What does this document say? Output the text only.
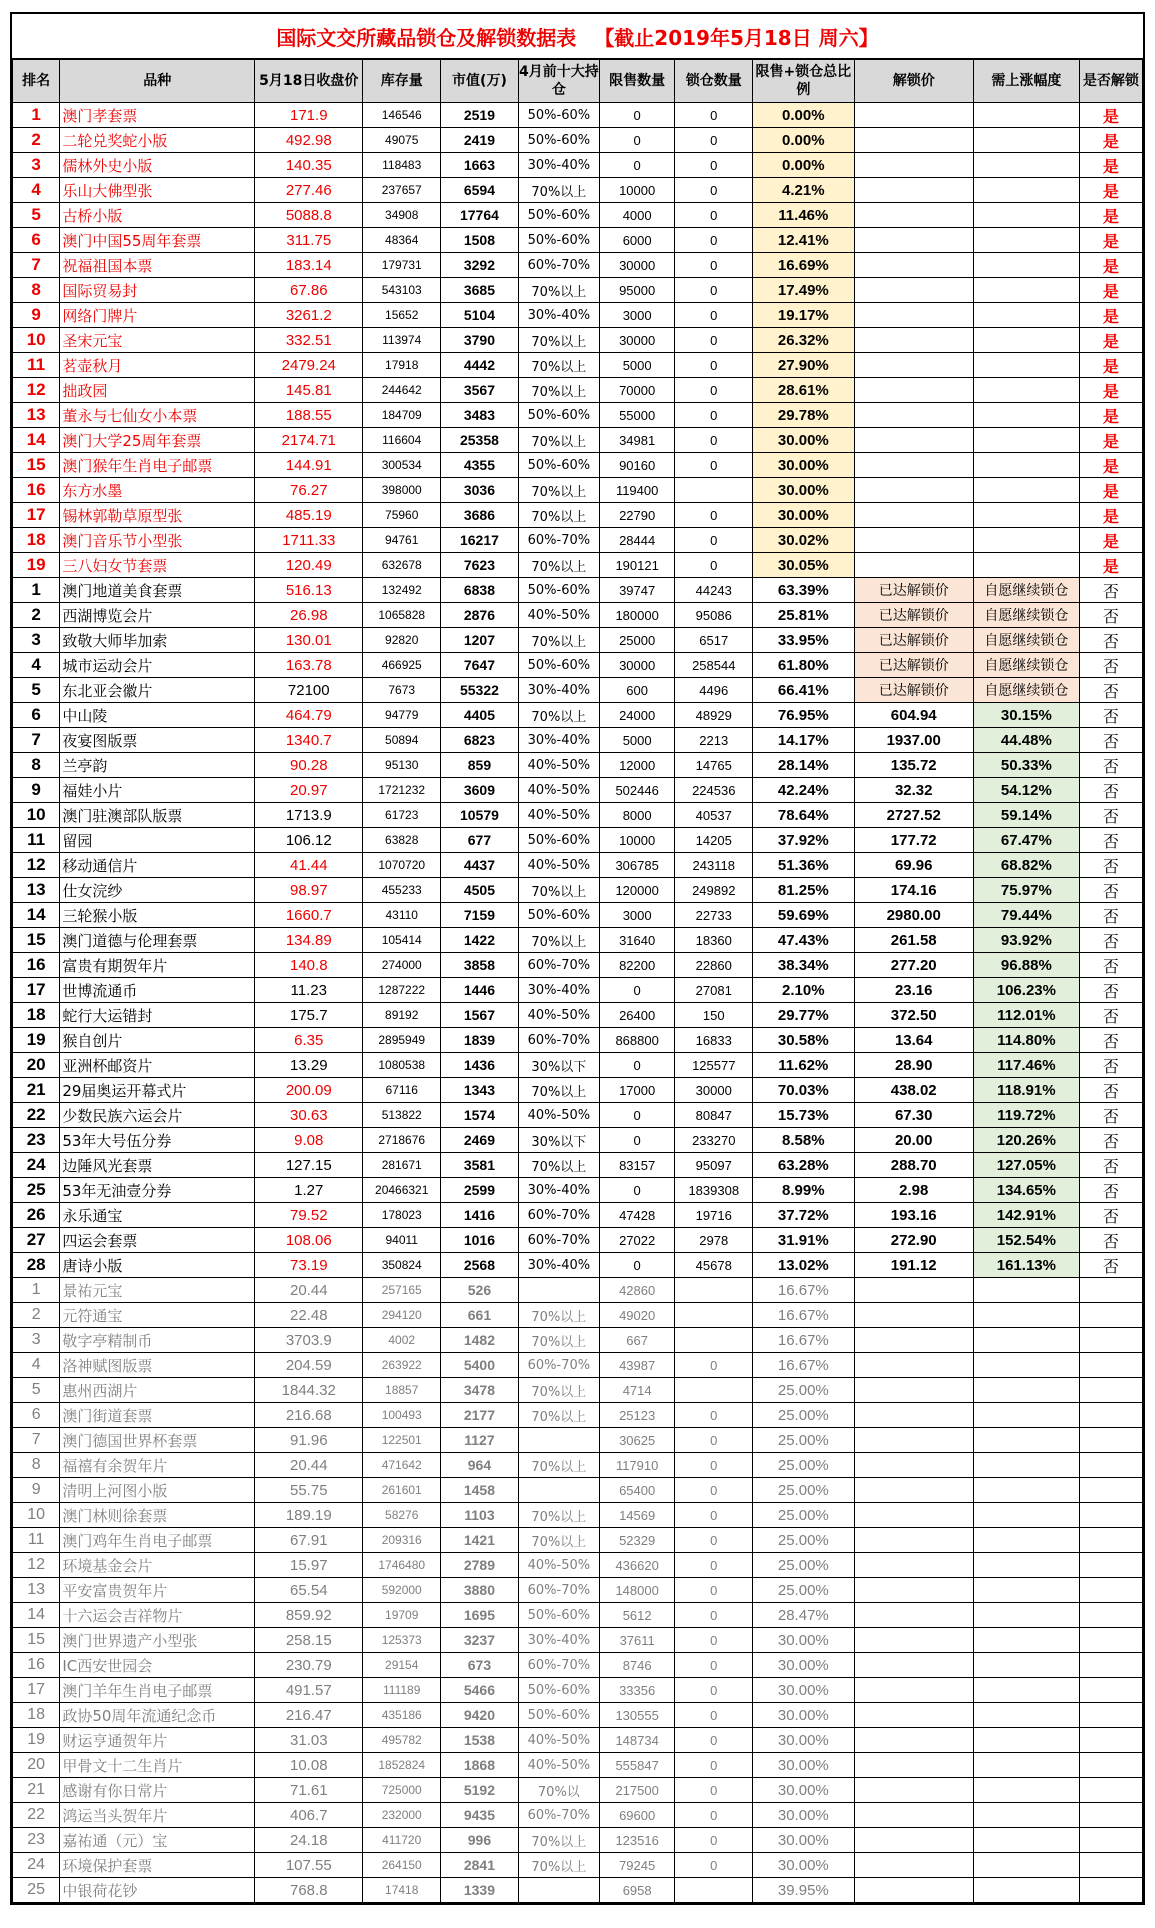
国际文交所藏品锁仓及解锁数据表 【截止2019年5月18日 周六】
排名	品种	5月18日收盘价	库存量	市值(万)	4月前十大持仓	限售数量	锁仓数量	限售+锁仓总比例	解锁价	需上涨幅度	是否解锁
1	澳门孝套票	171.9	146546	2519	50%-60%	0	0	0.00%			是
2	二轮兑奖蛇小版	492.98	49075	2419	50%-60%	0	0	0.00%			是
3	儒林外史小版	140.35	118483	1663	30%-40%	0	0	0.00%			是
4	乐山大佛型张	277.46	237657	6594	70%以上	10000	0	4.21%			是
5	古桥小版	5088.8	34908	17764	50%-60%	4000	0	11.46%			是
6	澳门中国55周年套票	311.75	48364	1508	50%-60%	6000	0	12.41%			是
7	祝福祖国本票	183.14	179731	3292	60%-70%	30000	0	16.69%			是
8	国际贸易封	67.86	543103	3685	70%以上	95000	0	17.49%			是
9	网络门牌片	3261.2	15652	5104	30%-40%	3000	0	19.17%			是
10	圣宋元宝	332.51	113974	3790	70%以上	30000	0	26.32%			是
11	茗壶秋月	2479.24	17918	4442	70%以上	5000	0	27.90%			是
12	拙政园	145.81	244642	3567	70%以上	70000	0	28.61%			是
13	董永与七仙女小本票	188.55	184709	3483	50%-60%	55000	0	29.78%			是
14	澳门大学25周年套票	2174.71	116604	25358	70%以上	34981	0	30.00%			是
15	澳门猴年生肖电子邮票	144.91	300534	4355	50%-60%	90160	0	30.00%			是
16	东方水墨	76.27	398000	3036	70%以上	119400		30.00%			是
17	锡林郭勒草原型张	485.19	75960	3686	70%以上	22790	0	30.00%			是
18	澳门音乐节小型张	1711.33	94761	16217	60%-70%	28444	0	30.02%			是
19	三八妇女节套票	120.49	632678	7623	70%以上	190121	0	30.05%			是
1	澳门地道美食套票	516.13	132492	6838	50%-60%	39747	44243	63.39%	已达解锁价	自愿继续锁仓	否
2	西湖博览会片	26.98	1065828	2876	40%-50%	180000	95086	25.81%	已达解锁价	自愿继续锁仓	否
3	致敬大师毕加索	130.01	92820	1207	70%以上	25000	6517	33.95%	已达解锁价	自愿继续锁仓	否
4	城市运动会片	163.78	466925	7647	50%-60%	30000	258544	61.80%	已达解锁价	自愿继续锁仓	否
5	东北亚会徽片	72100	7673	55322	30%-40%	600	4496	66.41%	已达解锁价	自愿继续锁仓	否
6	中山陵	464.79	94779	4405	70%以上	24000	48929	76.95%	604.94	30.15%	否
7	夜宴图版票	1340.7	50894	6823	30%-40%	5000	2213	14.17%	1937.00	44.48%	否
8	兰亭韵	90.28	95130	859	40%-50%	12000	14765	28.14%	135.72	50.33%	否
9	福娃小片	20.97	1721232	3609	40%-50%	502446	224536	42.24%	32.32	54.12%	否
10	澳门驻澳部队版票	1713.9	61723	10579	40%-50%	8000	40537	78.64%	2727.52	59.14%	否
11	留园	106.12	63828	677	50%-60%	10000	14205	37.92%	177.72	67.47%	否
12	移动通信片	41.44	1070720	4437	40%-50%	306785	243118	51.36%	69.96	68.82%	否
13	仕女浣纱	98.97	455233	4505	70%以上	120000	249892	81.25%	174.16	75.97%	否
14	三轮猴小版	1660.7	43110	7159	50%-60%	3000	22733	59.69%	2980.00	79.44%	否
15	澳门道德与伦理套票	134.89	105414	1422	70%以上	31640	18360	47.43%	261.58	93.92%	否
16	富贵有期贺年片	140.8	274000	3858	60%-70%	82200	22860	38.34%	277.20	96.88%	否
17	世博流通币	11.23	1287222	1446	30%-40%	0	27081	2.10%	23.16	106.23%	否
18	蛇行大运错封	175.7	89192	1567	40%-50%	26400	150	29.77%	372.50	112.01%	否
19	猴自创片	6.35	2895949	1839	60%-70%	868800	16833	30.58%	13.64	114.80%	否
20	亚洲杯邮资片	13.29	1080538	1436	30%以下	0	125577	11.62%	28.90	117.46%	否
21	29届奥运开幕式片	200.09	67116	1343	70%以上	17000	30000	70.03%	438.02	118.91%	否
22	少数民族六运会片	30.63	513822	1574	40%-50%	0	80847	15.73%	67.30	119.72%	否
23	53年大号伍分券	9.08	2718676	2469	30%以下	0	233270	8.58%	20.00	120.26%	否
24	边陲风光套票	127.15	281671	3581	70%以上	83157	95097	63.28%	288.70	127.05%	否
25	53年无油壹分券	1.27	20466321	2599	30%-40%	0	1839308	8.99%	2.98	134.65%	否
26	永乐通宝	79.52	178023	1416	60%-70%	47428	19716	37.72%	193.16	142.91%	否
27	四运会套票	108.06	94011	1016	60%-70%	27022	2978	31.91%	272.90	152.54%	否
28	唐诗小版	73.19	350824	2568	30%-40%	0	45678	13.02%	191.12	161.13%	否
1	景祐元宝	20.44	257165	526		42860		16.67%			
2	元符通宝	22.48	294120	661	70%以上	49020		16.67%			
3	敬字亭精制币	3703.9	4002	1482	70%以上	667		16.67%			
4	洛神赋图版票	204.59	263922	5400	60%-70%	43987	0	16.67%			
5	惠州西湖片	1844.32	18857	3478	70%以上	4714		25.00%			
6	澳门街道套票	216.68	100493	2177	70%以上	25123	0	25.00%			
7	澳门德国世界杯套票	91.96	122501	1127		30625	0	25.00%			
8	福禧有余贺年片	20.44	471642	964	70%以上	117910	0	25.00%			
9	清明上河图小版	55.75	261601	1458		65400	0	25.00%			
10	澳门林则徐套票	189.19	58276	1103	70%以上	14569	0	25.00%			
11	澳门鸡年生肖电子邮票	67.91	209316	1421	70%以上	52329	0	25.00%			
12	环境基金会片	15.97	1746480	2789	40%-50%	436620	0	25.00%			
13	平安富贵贺年片	65.54	592000	3880	60%-70%	148000	0	25.00%			
14	十六运会吉祥物片	859.92	19709	1695	50%-60%	5612	0	28.47%			
15	澳门世界遗产小型张	258.15	125373	3237	30%-40%	37611	0	30.00%			
16	IC西安世园会	230.79	29154	673	60%-70%	8746	0	30.00%			
17	澳门羊年生肖电子邮票	491.57	111189	5466	50%-60%	33356	0	30.00%			
18	政协50周年流通纪念币	216.47	435186	9420	50%-60%	130555	0	30.00%			
19	财运亨通贺年片	31.03	495782	1538	40%-50%	148734	0	30.00%			
20	甲骨文十二生肖片	10.08	1852824	1868	40%-50%	555847	0	30.00%			
21	感谢有你日常片	71.61	725000	5192	70%以	217500	0	30.00%			
22	鸿运当头贺年片	406.7	232000	9435	60%-70%	69600	0	30.00%			
23	嘉祐通（元）宝	24.18	411720	996	70%以上	123516	0	30.00%			
24	环境保护套票	107.55	264150	2841	70%以上	79245	0	30.00%			
25	中银荷花钞	768.8	17418	1339		6958		39.95%			
